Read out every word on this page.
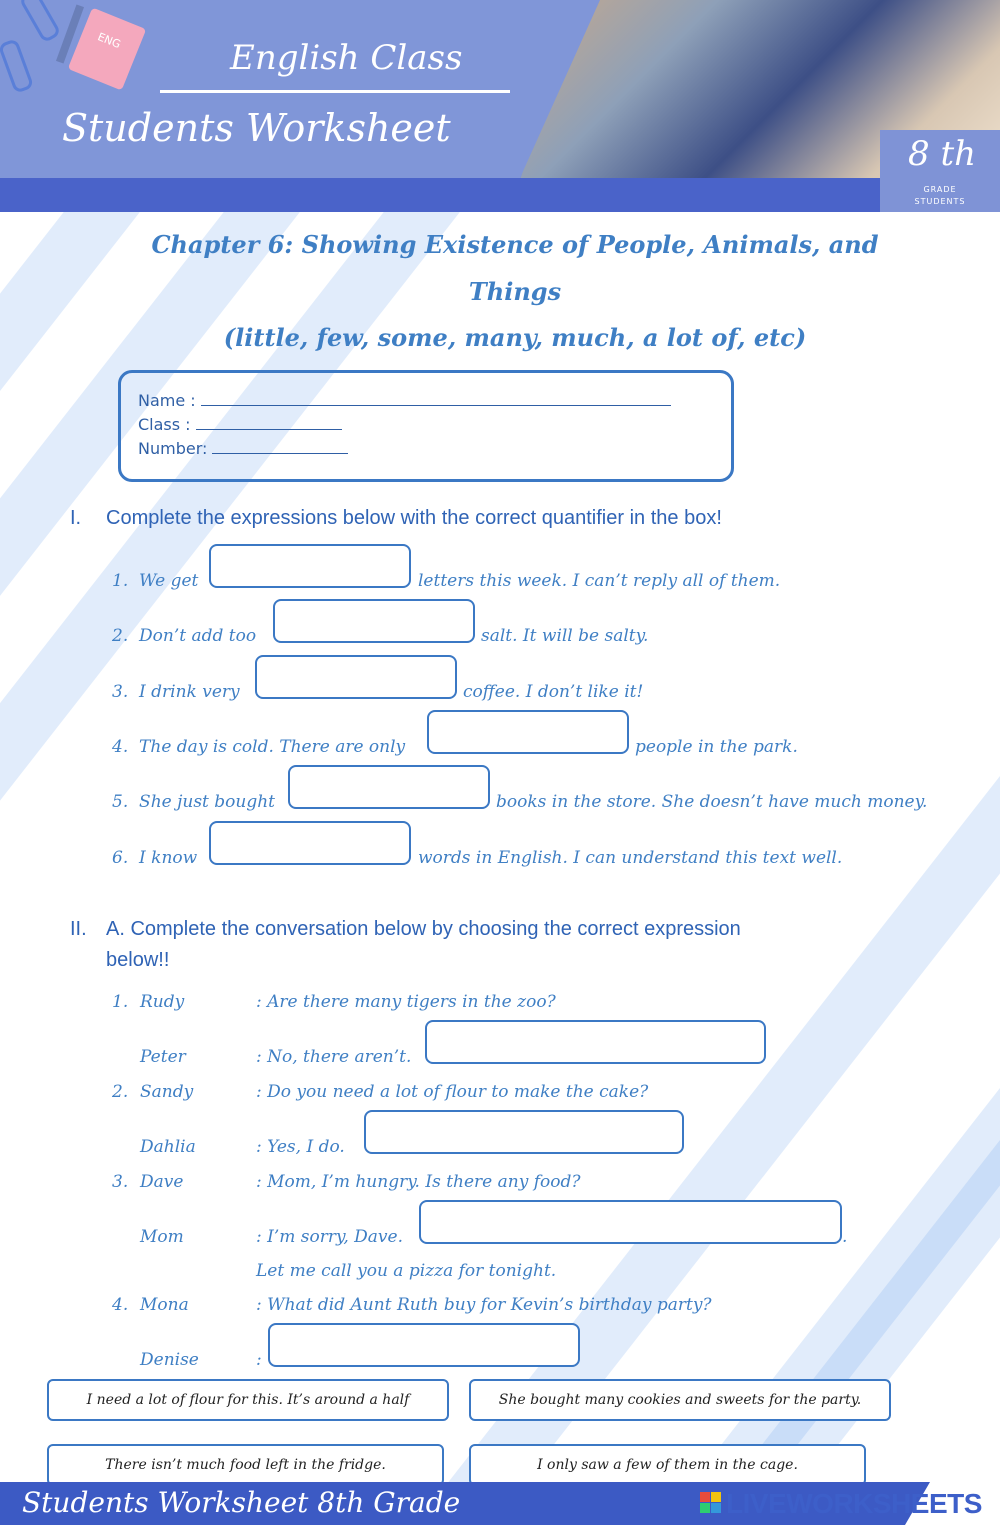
ENG	English Class
Students Worksheet
8 th
GRADE
STUDENTS
Chapter 6: Showing Existence of People, Animals, and
Things
(little, few, some, many, much, a lot of, etc)
Name :
Class :
Number:
I. Complete the expressions below with the correct quantifier in the box!
1. We get	letters this week. I can’t reply all of them.
2. Don’t add too	salt. It will be salty.
3. I drink very	coffee. I don’t like it!
4. The day is cold. There are only	people in the park.
5. She just bought	books in the store. She doesn’t have much money.
6. I know	words in English. I can understand this text well.
II. A. Complete the conversation below by choosing the correct expression
below!!
1. Rudy	: Are there many tigers in the zoo?
Peter	: No, there aren’t.
2. Sandy	: Do you need a lot of flour to make the cake?
Dahlia	: Yes, I do.
3. Dave	: Mom, I’m hungry. Is there any food?
Mom	: I’m sorry, Dave.	.
Let me call you a pizza for tonight.
4. Mona	: What did Aunt Ruth buy for Kevin’s birthday party?
Denise	:
I need a lot of flour for this. It’s around a half	She bought many cookies and sweets for the party.
There isn’t much food left in the fridge.	I only saw a few of them in the cage.
Students Worksheet 8th Grade	LIVEWORKSHEETS
